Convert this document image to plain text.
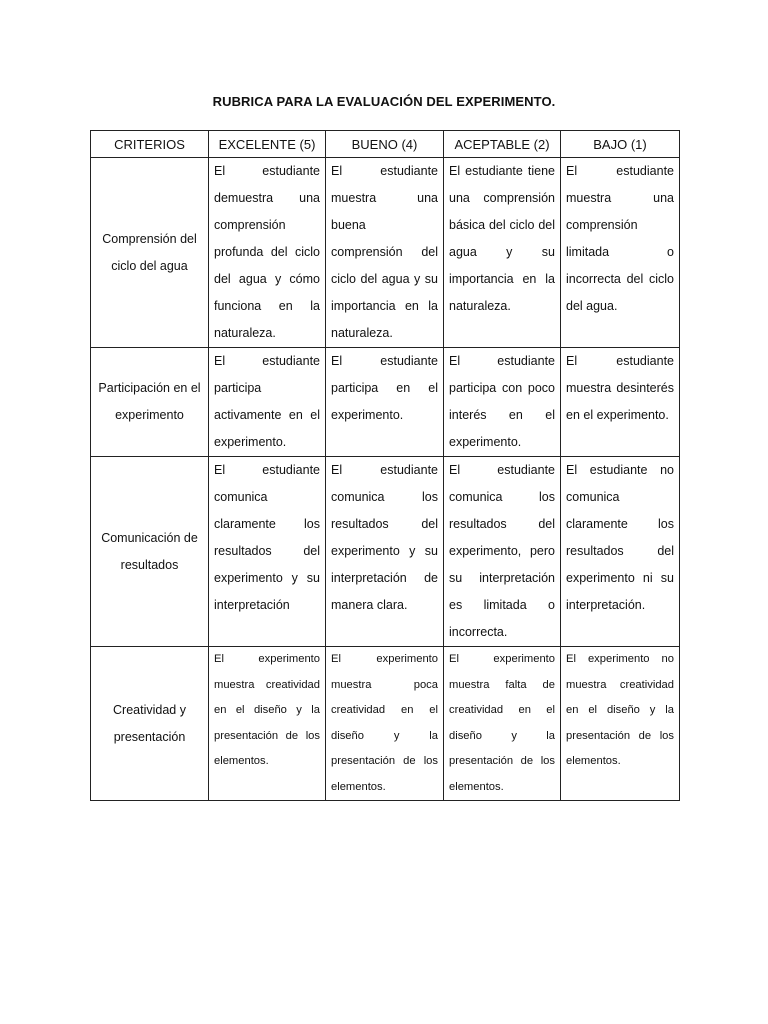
RUBRICA PARA LA EVALUACIÓN DEL EXPERIMENTO.
CRITERIOS	EXCELENTE (5)	BUENO (4)	ACEPTABLE (2)	BAJO (1)
Comprensión del ciclo del agua	El estudiante demuestra una comprensión profunda del ciclo del agua y cómo funciona en la naturaleza.	El estudiante muestra una buena comprensión del ciclo del agua y su importancia en la naturaleza.	El estudiante tiene una comprensión básica del ciclo del agua y su importancia en la naturaleza.	El estudiante muestra una comprensión limitada o incorrecta del ciclo del agua.
Participación en el experimento	El estudiante participa activamente en el experimento.	El estudiante participa en el experimento.	El estudiante participa con poco interés en el experimento.	El estudiante muestra desinterés en el experimento.
Comunicación de resultados	El estudiante comunica claramente los resultados del experimento y su interpretación	El estudiante comunica los resultados del experimento y su interpretación de manera clara.	El estudiante comunica los resultados del experimento, pero su interpretación es limitada o incorrecta.	El estudiante no comunica claramente los resultados del experimento ni su interpretación.
Creatividad y presentación	El experimento muestra creatividad en el diseño y la presentación de los elementos.	El experimento muestra poca creatividad en el diseño y la presentación de los elementos.	El experimento muestra falta de creatividad en el diseño y la presentación de los elementos.	El experimento no muestra creatividad en el diseño y la presentación de los elementos.
